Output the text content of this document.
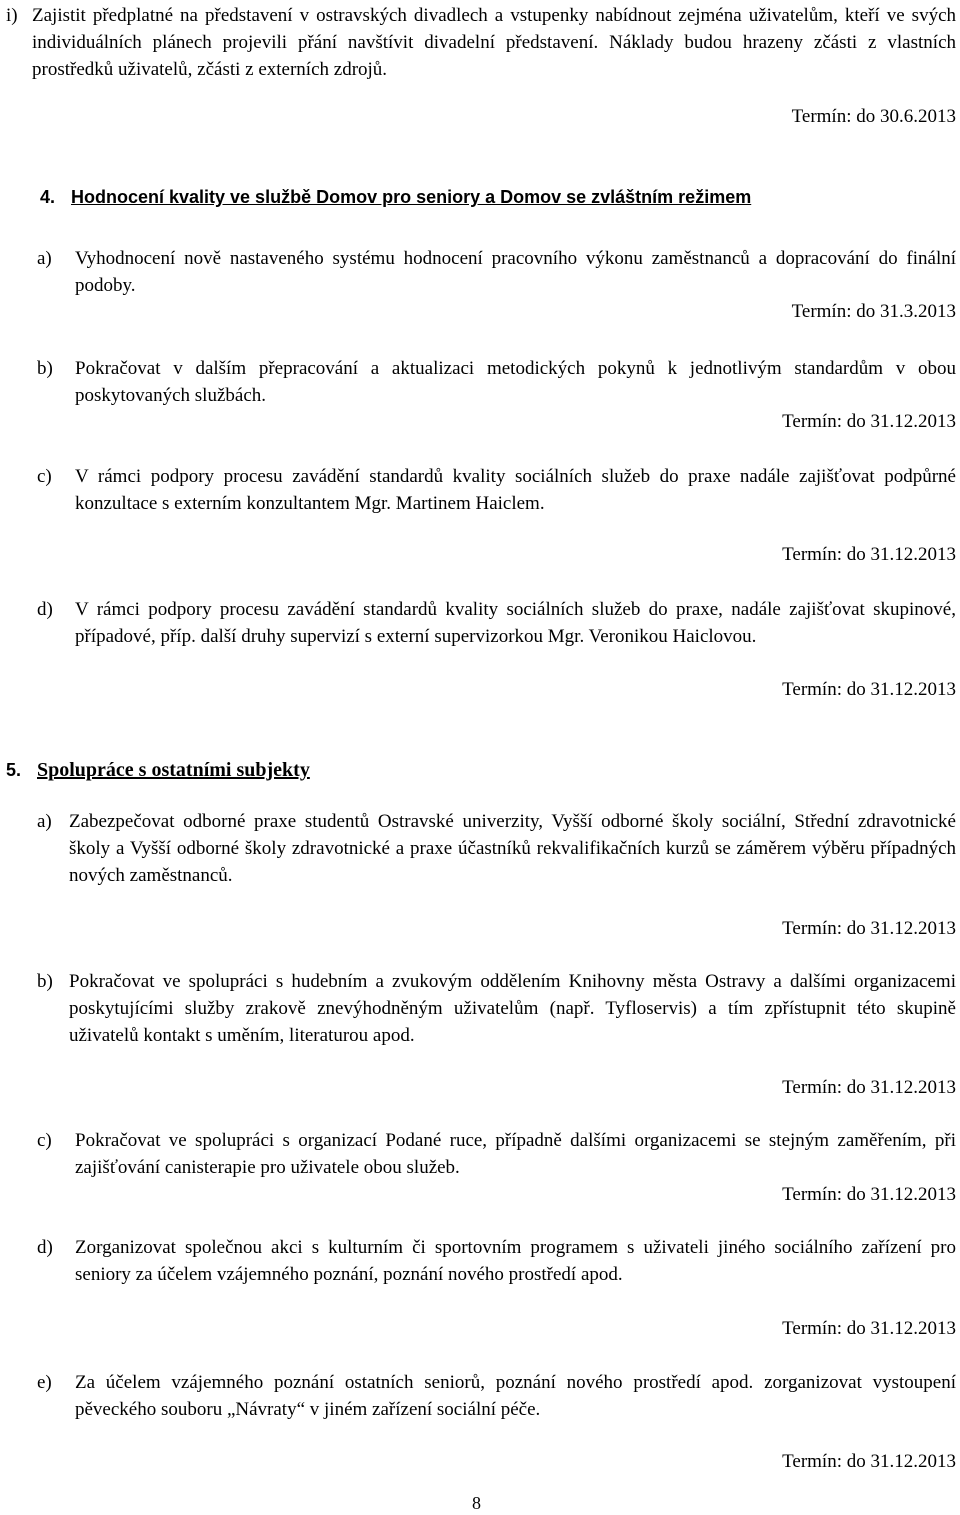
i) Zajistit předplatné na představení v ostravských divadlech a vstupenky nabídnout zejména uživatelům, kteří ve svých individuálních plánech projevili přání navštívit divadelní představení. Náklady budou hrazeny zčásti z vlastních prostředků uživatelů, zčásti z externích zdrojů.
Termín: do 30.6.2013
4. Hodnocení kvality ve službě Domov pro seniory a Domov se zvláštním režimem
a)	Vyhodnocení nově nastaveného systému hodnocení pracovního výkonu zaměstnanců a dopracování do finální podoby.
Termín: do 31.3.2013
b)	Pokračovat v dalším přepracování a aktualizaci metodických pokynů k jednotlivým standardům v obou poskytovaných službách.
Termín: do 31.12.2013
c)	V rámci podpory procesu zavádění standardů kvality sociálních služeb do praxe nadále zajišťovat podpůrné konzultace s externím konzultantem Mgr. Martinem Haiclem.
Termín: do 31.12.2013
d)	V rámci podpory procesu zavádění standardů kvality sociálních služeb do praxe, nadále zajišťovat skupinové, případové, příp. další druhy supervizí s externí supervizorkou Mgr. Veronikou Haiclovou.
Termín: do 31.12.2013
5. Spolupráce s ostatními subjekty
a) Zabezpečovat odborné praxe studentů Ostravské univerzity, Vyšší odborné školy sociální, Střední zdravotnické školy a Vyšší odborné školy zdravotnické a praxe účastníků rekvalifikačních kurzů se záměrem výběru případných nových zaměstnanců.
Termín: do 31.12.2013
b) Pokračovat ve spolupráci s hudebním a zvukovým oddělením Knihovny města Ostravy a dalšími organizacemi poskytujícími služby zrakově znevýhodněným uživatelům (např. Tyfloservis) a tím zpřístupnit této skupině uživatelů kontakt s uměním, literaturou apod.
Termín: do 31.12.2013
c)	Pokračovat ve spolupráci s organizací Podané ruce, případně dalšími organizacemi se stejným zaměřením, při zajišťování canisterapie pro uživatele obou služeb.
Termín: do 31.12.2013
d)	Zorganizovat společnou akci s kulturním či sportovním programem s uživateli jiného sociálního zařízení pro seniory za účelem vzájemného poznání, poznání nového prostředí apod.
Termín: do 31.12.2013
e)	Za účelem vzájemného poznání ostatních seniorů, poznání nového prostředí apod. zorganizovat vystoupení pěveckého souboru „Návraty“ v jiném zařízení sociální péče.
Termín: do 31.12.2013
8
